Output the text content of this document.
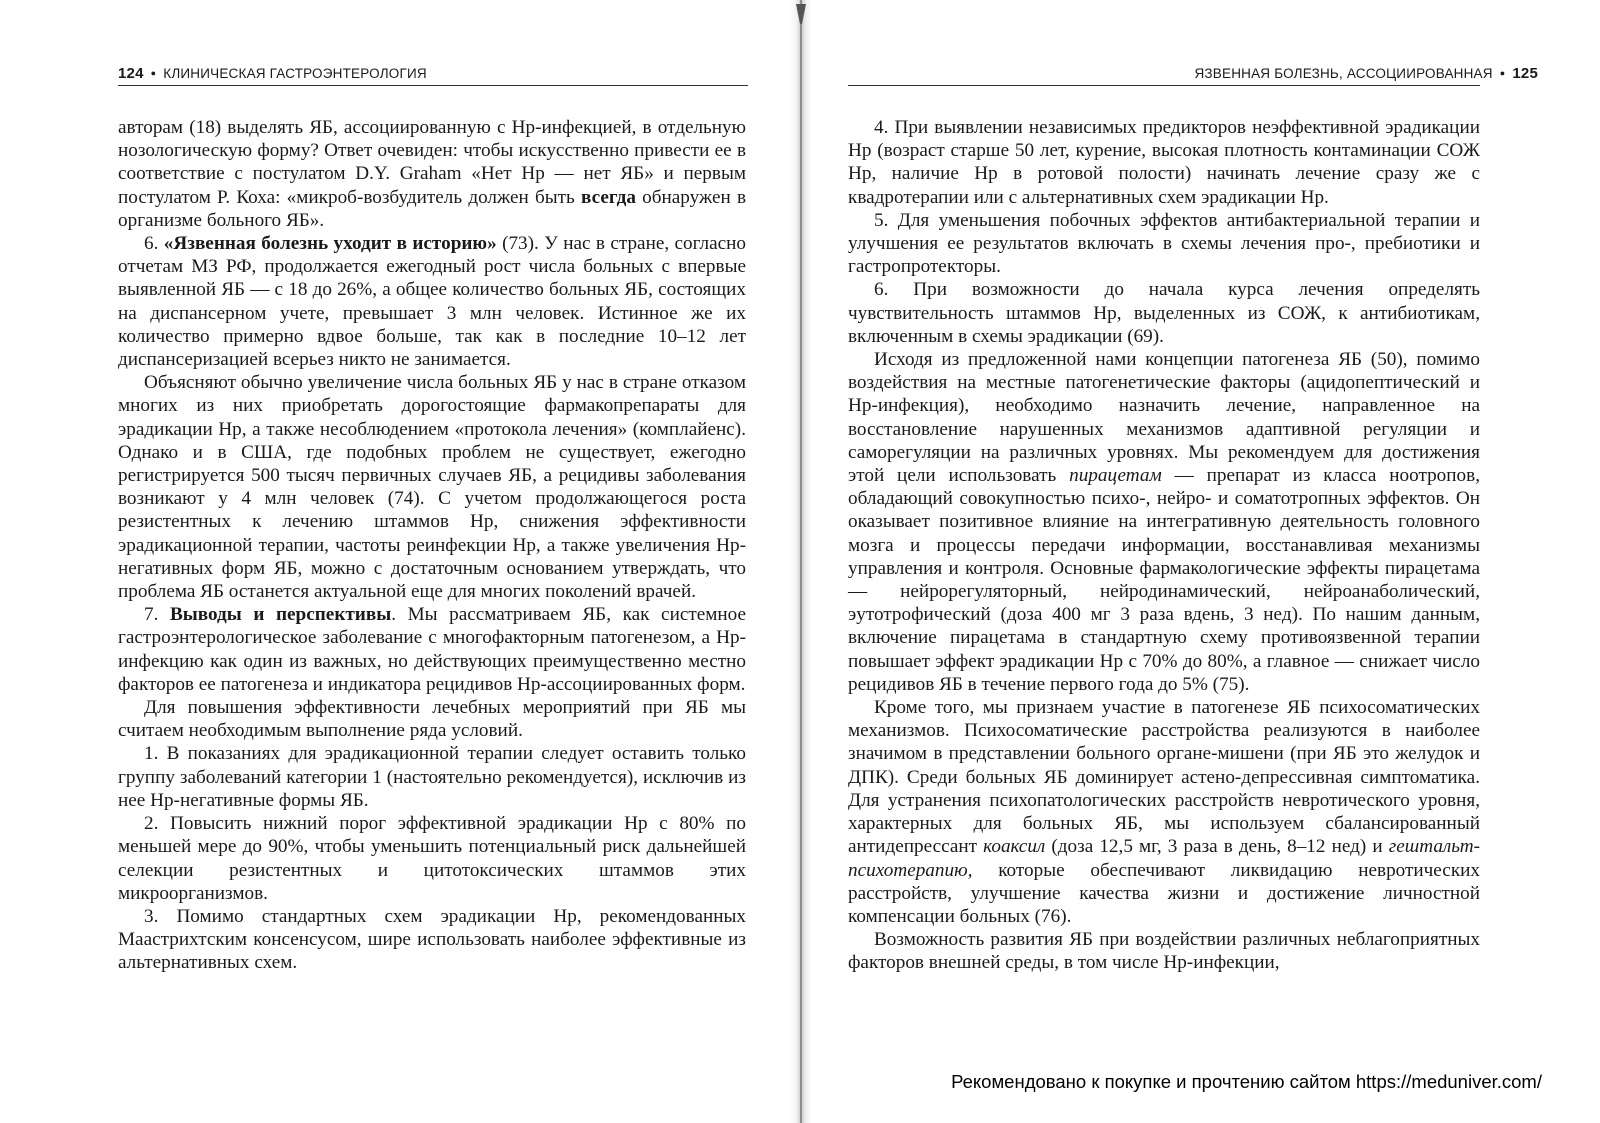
124 ● КЛИНИЧЕСКАЯ ГАСТРОЭНТЕРОЛОГИЯ	ЯЗВЕННАЯ БОЛЕЗНЬ, АССОЦИИРОВАННАЯ ● 125

авторам (18) выделять ЯБ, ассоциированную с Нр-инфекцией, в отдельную нозологическую форму? Ответ очевиден: чтобы искусственно привести ее в соответствие с постулатом D.Y. Graham «Нет Нр — нет ЯБ» и первым постулатом Р. Коха: «микроб-возбудитель должен быть всегда обнаружен в организме больного ЯБ».

6. «Язвенная болезнь уходит в историю» (73). У нас в стране, согласно отчетам МЗ РФ, продолжается ежегодный рост числа больных с впервые выявленной ЯБ — с 18 до 26%, а общее количество больных ЯБ, состоящих на диспансерном учете, превышает 3 млн человек. Истинное же их количество примерно вдвое больше, так как в последние 10–12 лет диспансеризацией всерьез никто не занимается.

Объясняют обычно увеличение числа больных ЯБ у нас в стране отказом многих из них приобретать дорогостоящие фармакопрепараты для эрадикации Нр, а также несоблюдением «протокола лечения» (комплайенс). Однако и в США, где подобных проблем не существует, ежегодно регистрируется 500 тысяч первичных случаев ЯБ, а рецидивы заболевания возникают у 4 млн человек (74). С учетом продолжающегося роста резистентных к лечению штаммов Нр, снижения эффективности эрадикационной терапии, частоты реинфекции Нр, а также увеличения Нр-негативных форм ЯБ, можно с достаточным основанием утверждать, что проблема ЯБ останется актуальной еще для многих поколений врачей.

7. Выводы и перспективы. Мы рассматриваем ЯБ, как системное гастроэнтерологическое заболевание с многофакторным патогенезом, а Нр-инфекцию как один из важных, но действующих преимущественно местно факторов ее патогенеза и индикатора рецидивов Нр-ассоциированных форм.

Для повышения эффективности лечебных мероприятий при ЯБ мы считаем необходимым выполнение ряда условий.

1. В показаниях для эрадикационной терапии следует оставить только группу заболеваний категории 1 (настоятельно рекомендуется), исключив из нее Нр-негативные формы ЯБ.

2. Повысить нижний порог эффективной эрадикации Нр с 80% по меньшей мере до 90%, чтобы уменьшить потенциальный риск дальнейшей селекции резистентных и цитотоксических штаммов этих микроорганизмов.

3. Помимо стандартных схем эрадикации Нр, рекомендованных Маастрихтским консенсусом, шире использовать наиболее эффективные из альтернативных схем.

4. При выявлении независимых предикторов неэффективной эрадикации Нр (возраст старше 50 лет, курение, высокая плотность контаминации СОЖ Нр, наличие Нр в ротовой полости) начинать лечение сразу же с квадротерапии или с альтернативных схем эрадикации Нр.

5. Для уменьшения побочных эффектов антибактериальной терапии и улучшения ее результатов включать в схемы лечения про-, пребиотики и гастропротекторы.

6. При возможности до начала курса лечения определять чувствительность штаммов Нр, выделенных из СОЖ, к антибиотикам, включенным в схемы эрадикации (69).

Исходя из предложенной нами концепции патогенеза ЯБ (50), помимо воздействия на местные патогенетические факторы (ацидопептический и Нр-инфекция), необходимо назначить лечение, направленное на восстановление нарушенных механизмов адаптивной регуляции и саморегуляции на различных уровнях. Мы рекомендуем для достижения этой цели использовать пирацетам — препарат из класса ноотропов, обладающий совокупностью психо-, нейро- и соматотропных эффектов. Он оказывает позитивное влияние на интегративную деятельность головного мозга и процессы передачи информации, восстанавливая механизмы управления и контроля. Основные фармакологические эффекты пирацетама — нейрорегуляторный, нейродинамический, нейроанаболический, эутотрофический (доза 400 мг 3 раза вдень, 3 нед). По нашим данным, включение пирацетама в стандартную схему противоязвенной терапии повышает эффект эрадикации Нр с 70% до 80%, а главное — снижает число рецидивов ЯБ в течение первого года до 5% (75).

Кроме того, мы признаем участие в патогенезе ЯБ психосоматических механизмов. Психосоматические расстройства реализуются в наиболее значимом в представлении больного органе-мишени (при ЯБ это желудок и ДПК). Среди больных ЯБ доминирует астено-депрессивная симптоматика. Для устранения психопатологических расстройств невротического уровня, характерных для больных ЯБ, мы используем сбалансированный антидепрессант коаксил (доза 12,5 мг, 3 раза в день, 8–12 нед) и гештальт-психотерапию, которые обеспечивают ликвидацию невротических расстройств, улучшение качества жизни и достижение личностной компенсации больных (76).

Возможность развития ЯБ при воздействии различных неблагоприятных факторов внешней среды, в том числе Нр-инфекции,

Рекомендовано к покупке и прочтению сайтом https://meduniver.com/
